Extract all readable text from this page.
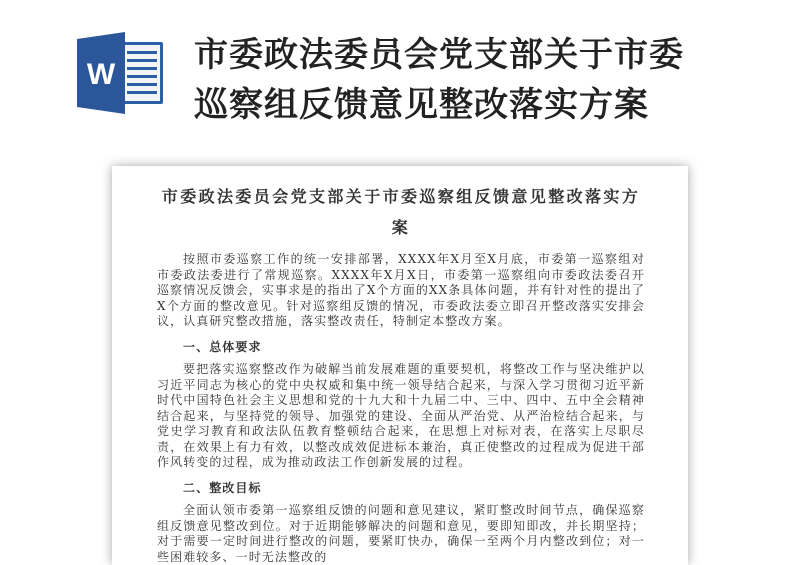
W 市委政法委员会党支部关于市委
巡察组反馈意见整改落实方案
市委政法委员会党支部关于市委巡察组反馈意见整改落实方案

按照市委巡察工作的统一安排部署，XXXX年X月至X月底，市委第一巡察组对市委政法委进行了常规巡察。XXXX年X月X日，市委第一巡察组向市委政法委召开巡察情况反馈会，实事求是的指出了X个方面的XX条具体问题，并有针对性的提出了X个方面的整改意见。针对巡察组反馈的情况，市委政法委立即召开整改落实安排会议，认真研究整改措施，落实整改责任，特制定本整改方案。

一、总体要求

要把落实巡察整改作为破解当前发展难题的重要契机，将整改工作与坚决维护以习近平同志为核心的党中央权威和集中统一领导结合起来，与深入学习贯彻习近平新时代中国特色社会主义思想和党的十九大和十九届二中、三中、四中、五中全会精神结合起来，与坚持党的领导、加强党的建设、全面从严治党、从严治检结合起来，与党史学习教育和政法队伍教育整顿结合起来，在思想上对标对表，在落实上尽职尽责，在效果上有力有效，以整改成效促进标本兼治，真正使整改的过程成为促进干部作风转变的过程，成为推动政法工作创新发展的过程。

二、整改目标

全面认领市委第一巡察组反馈的问题和意见建议，紧盯整改时间节点，确保巡察组反馈意见整改到位。对于近期能够解决的问题和意见，要即知即改，并长期坚持；对于需要一定时间进行整改的问题，要紧盯快办，确保一至两个月内整改到位；对一些困难较多、一时无法整改的
